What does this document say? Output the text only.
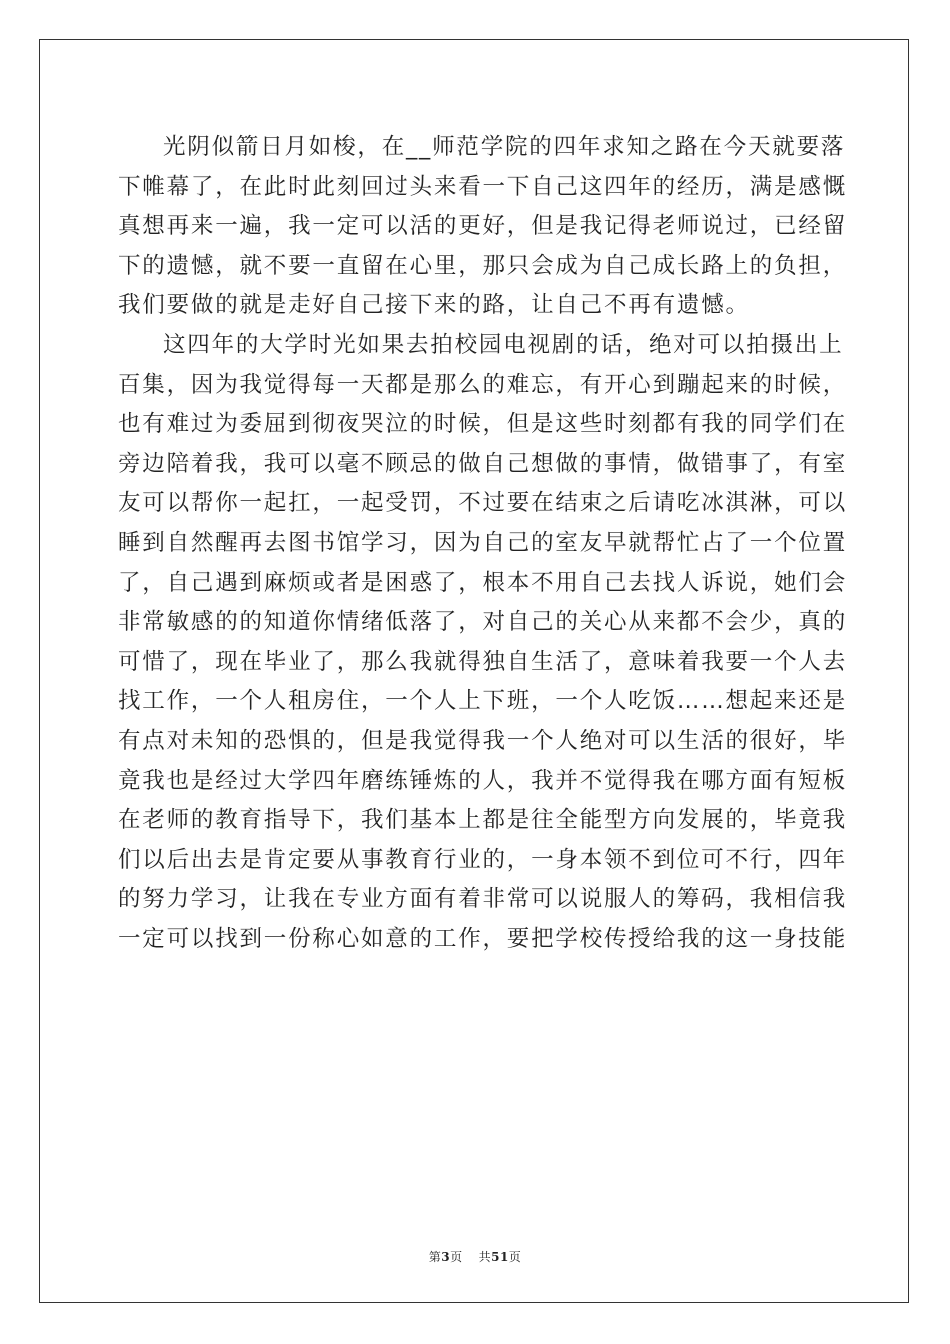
光阴似箭日月如梭，在__师范学院的四年求知之路在今天就要落
下帷幕了，在此时此刻回过头来看一下自己这四年的经历，满是感慨
真想再来一遍，我一定可以活的更好，但是我记得老师说过，已经留
下的遗憾，就不要一直留在心里，那只会成为自己成长路上的负担，
我们要做的就是走好自己接下来的路，让自己不再有遗憾。

这四年的大学时光如果去拍校园电视剧的话，绝对可以拍摄出上
百集，因为我觉得每一天都是那么的难忘，有开心到蹦起来的时候，
也有难过为委屈到彻夜哭泣的时候，但是这些时刻都有我的同学们在
旁边陪着我，我可以毫不顾忌的做自己想做的事情，做错事了，有室
友可以帮你一起扛，一起受罚，不过要在结束之后请吃冰淇淋，可以
睡到自然醒再去图书馆学习，因为自己的室友早就帮忙占了一个位置
了，自己遇到麻烦或者是困惑了，根本不用自己去找人诉说，她们会
非常敏感的的知道你情绪低落了，对自己的关心从来都不会少，真的
可惜了，现在毕业了，那么我就得独自生活了，意味着我要一个人去
找工作，一个人租房住，一个人上下班，一个人吃饭……想起来还是
有点对未知的恐惧的，但是我觉得我一个人绝对可以生活的很好，毕
竟我也是经过大学四年磨练锤炼的人，我并不觉得我在哪方面有短板
在老师的教育指导下，我们基本上都是往全能型方向发展的，毕竟我
们以后出去是肯定要从事教育行业的，一身本领不到位可不行，四年
的努力学习，让我在专业方面有着非常可以说服人的筹码，我相信我
一定可以找到一份称心如意的工作，要把学校传授给我的这一身技能

第3页 共51页
